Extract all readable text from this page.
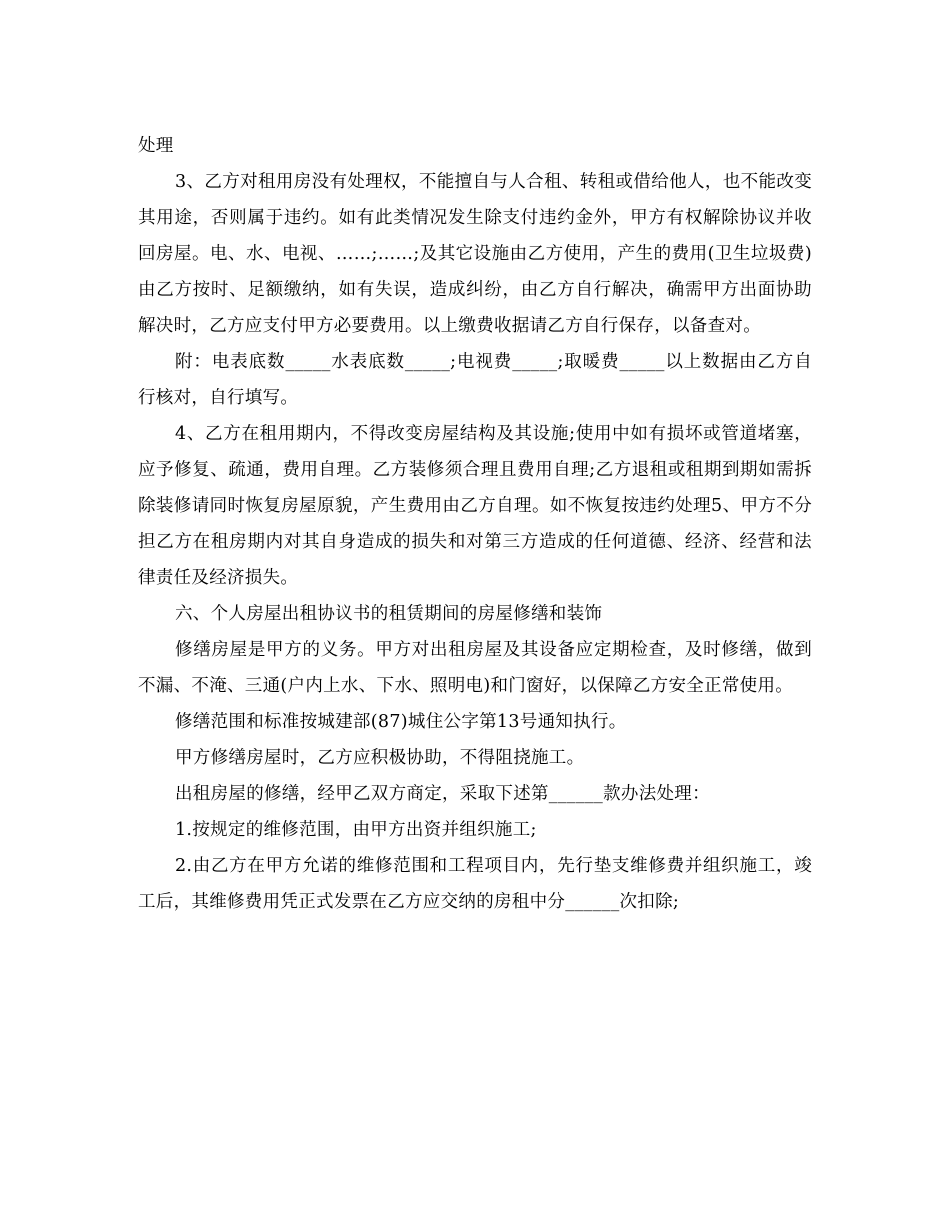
处理

3、乙方对租用房没有处理权，不能擅自与人合租、转租或借给他人，也不能改变其用途，否则属于违约。如有此类情况发生除支付违约金外，甲方有权解除协议并收回房屋。电、水、电视、……;……;及其它设施由乙方使用，产生的费用(卫生垃圾费)由乙方按时、足额缴纳，如有失误，造成纠纷，由乙方自行解决，确需甲方出面协助解决时，乙方应支付甲方必要费用。以上缴费收据请乙方自行保存，以备查对。

附：电表底数_____水表底数_____;电视费_____;取暖费_____以上数据由乙方自行核对，自行填写。

4、乙方在租用期内，不得改变房屋结构及其设施;使用中如有损坏或管道堵塞，应予修复、疏通，费用自理。乙方装修须合理且费用自理;乙方退租或租期到期如需拆除装修请同时恢复房屋原貌，产生费用由乙方自理。如不恢复按违约处理5、甲方不分担乙方在租房期内对其自身造成的损失和对第三方造成的任何道德、经济、经营和法律责任及经济损失。

六、个人房屋出租协议书的租赁期间的房屋修缮和装饰

修缮房屋是甲方的义务。甲方对出租房屋及其设备应定期检查，及时修缮，做到不漏、不淹、三通(户内上水、下水、照明电)和门窗好，以保障乙方安全正常使用。

修缮范围和标准按城建部(87)城住公字第13号通知执行。

甲方修缮房屋时，乙方应积极协助，不得阻挠施工。

出租房屋的修缮，经甲乙双方商定，采取下述第______款办法处理：

1.按规定的维修范围，由甲方出资并组织施工;

2.由乙方在甲方允诺的维修范围和工程项目内，先行垫支维修费并组织施工，竣工后，其维修费用凭正式发票在乙方应交纳的房租中分______次扣除;
